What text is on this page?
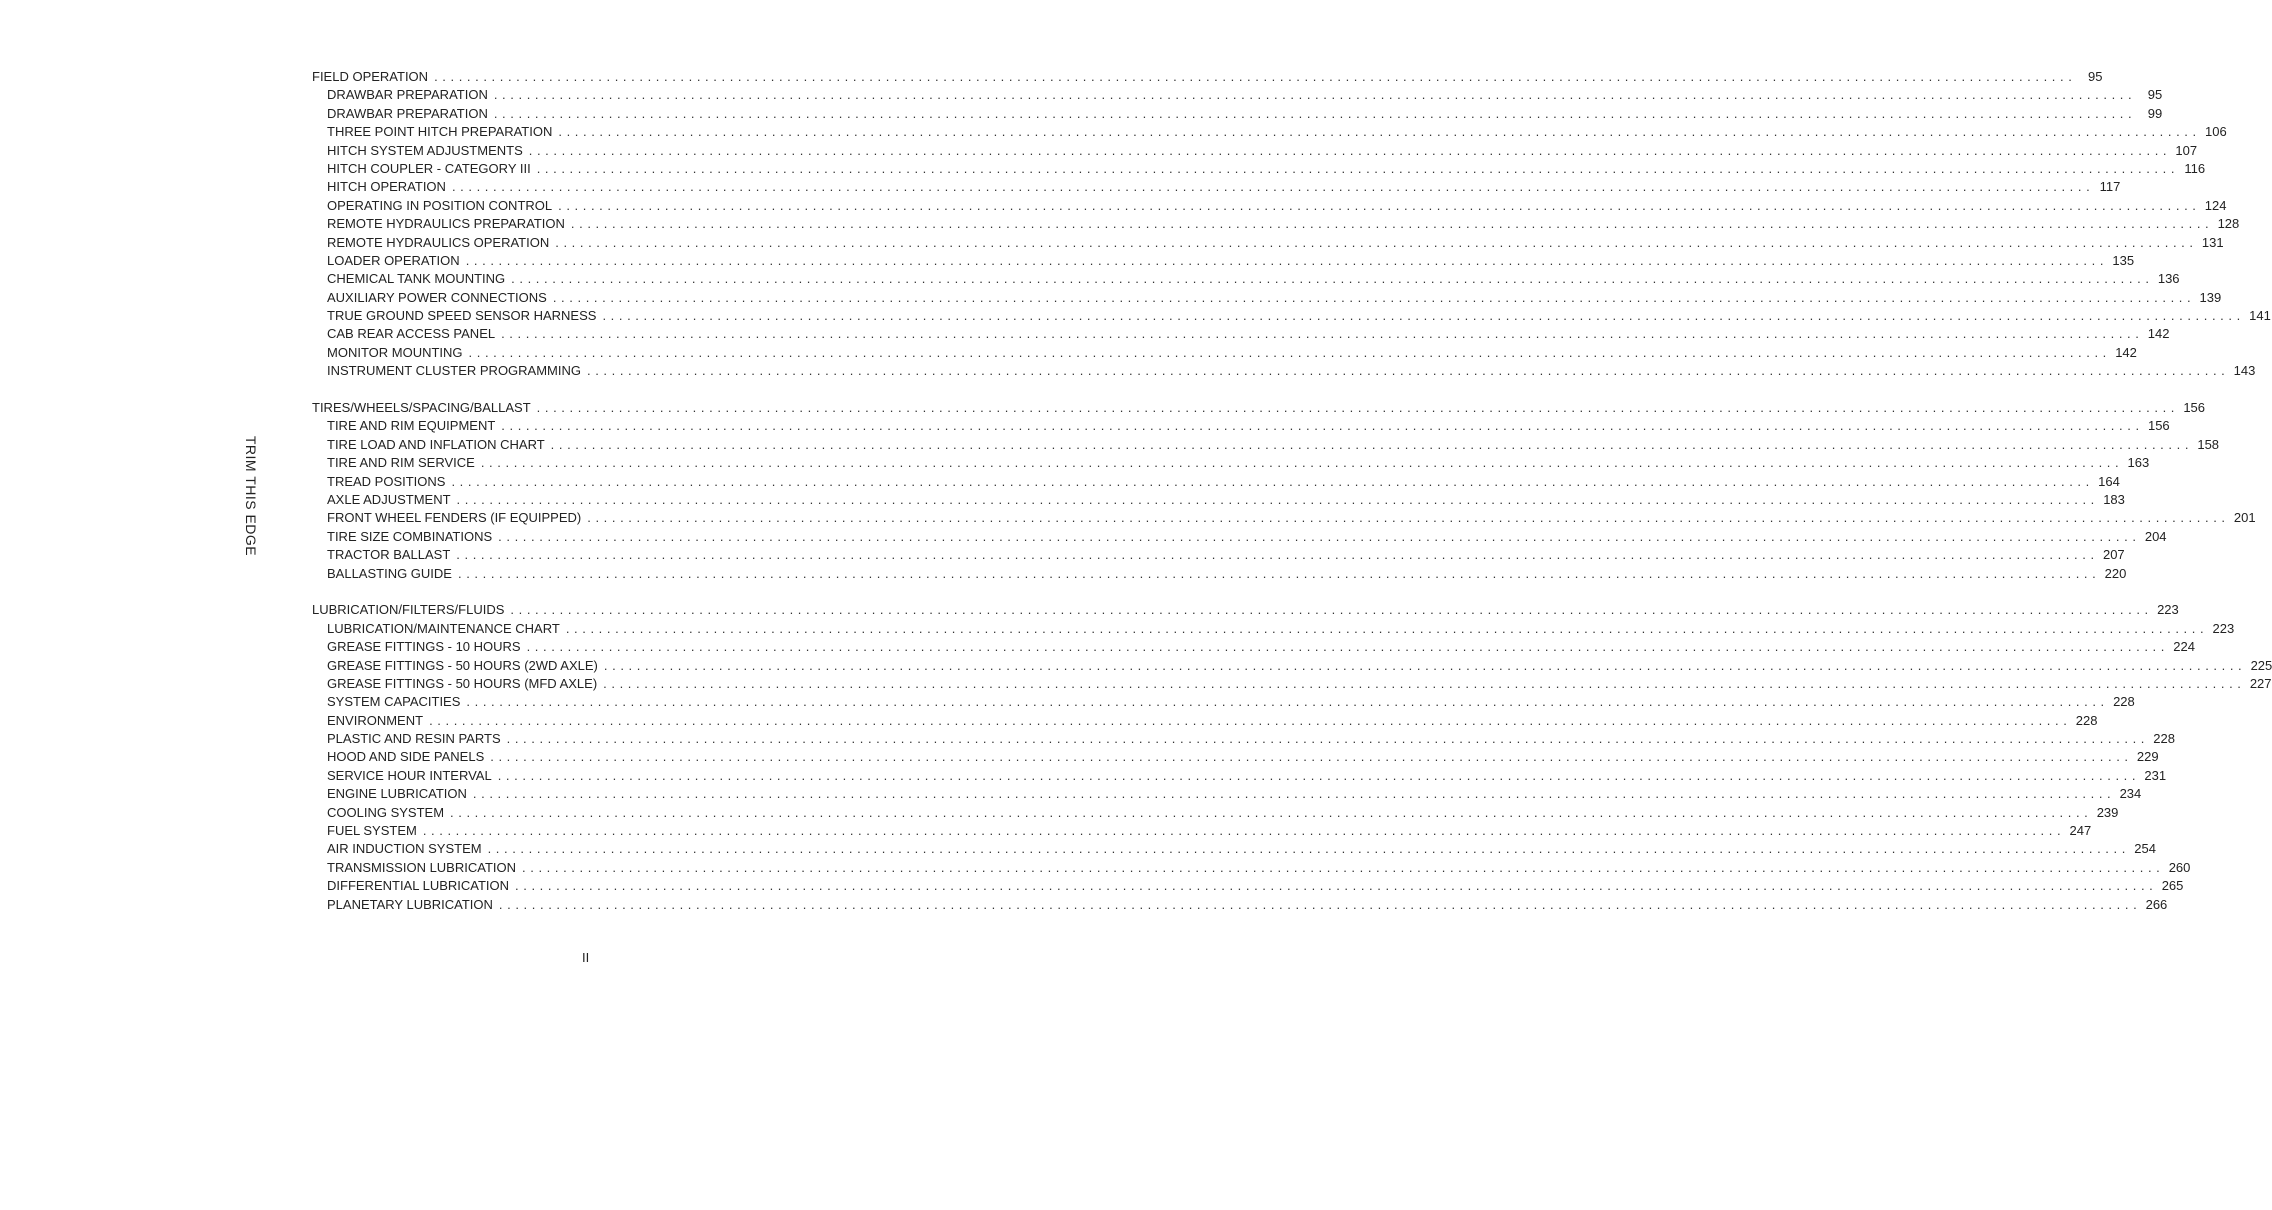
TRIM THIS EDGE
FIELD OPERATION ........................................................................................................................................................................................................ 95
DRAWBAR PREPARATION ........................................................................................................................................................................................................ 95
DRAWBAR PREPARATION ........................................................................................................................................................................................................ 99
THREE POINT HITCH PREPARATION ........................................................................................................................................................................................................ 106
HITCH SYSTEM ADJUSTMENTS ........................................................................................................................................................................................................ 107
HITCH COUPLER - CATEGORY III ........................................................................................................................................................................................................ 116
HITCH OPERATION ........................................................................................................................................................................................................ 117
OPERATING IN POSITION CONTROL ........................................................................................................................................................................................................ 124
REMOTE HYDRAULICS PREPARATION ........................................................................................................................................................................................................ 128
REMOTE HYDRAULICS OPERATION ........................................................................................................................................................................................................ 131
LOADER OPERATION ........................................................................................................................................................................................................ 135
CHEMICAL TANK MOUNTING ........................................................................................................................................................................................................ 136
AUXILIARY POWER CONNECTIONS ........................................................................................................................................................................................................ 139
TRUE GROUND SPEED SENSOR HARNESS ........................................................................................................................................................................................................ 141
CAB REAR ACCESS PANEL ........................................................................................................................................................................................................ 142
MONITOR MOUNTING ........................................................................................................................................................................................................ 142
INSTRUMENT CLUSTER PROGRAMMING ........................................................................................................................................................................................................ 143
TIRES/WHEELS/SPACING/BALLAST ........................................................................................................................................................................................................ 156
TIRE AND RIM EQUIPMENT ........................................................................................................................................................................................................ 156
TIRE LOAD AND INFLATION CHART ........................................................................................................................................................................................................ 158
TIRE AND RIM SERVICE ........................................................................................................................................................................................................ 163
TREAD POSITIONS ........................................................................................................................................................................................................ 164
AXLE ADJUSTMENT ........................................................................................................................................................................................................ 183
FRONT WHEEL FENDERS (IF EQUIPPED) ........................................................................................................................................................................................................ 201
TIRE SIZE COMBINATIONS ........................................................................................................................................................................................................ 204
TRACTOR BALLAST ........................................................................................................................................................................................................ 207
BALLASTING GUIDE ........................................................................................................................................................................................................ 220
LUBRICATION/FILTERS/FLUIDS ........................................................................................................................................................................................................ 223
LUBRICATION/MAINTENANCE CHART ........................................................................................................................................................................................................ 223
GREASE FITTINGS - 10 HOURS ........................................................................................................................................................................................................ 224
GREASE FITTINGS - 50 HOURS (2WD AXLE) ........................................................................................................................................................................................................ 225
GREASE FITTINGS - 50 HOURS (MFD AXLE) ........................................................................................................................................................................................................ 227
SYSTEM CAPACITIES ........................................................................................................................................................................................................ 228
ENVIRONMENT ........................................................................................................................................................................................................ 228
PLASTIC AND RESIN PARTS ........................................................................................................................................................................................................ 228
HOOD AND SIDE PANELS ........................................................................................................................................................................................................ 229
SERVICE HOUR INTERVAL ........................................................................................................................................................................................................ 231
ENGINE LUBRICATION ........................................................................................................................................................................................................ 234
COOLING SYSTEM ........................................................................................................................................................................................................ 239
FUEL SYSTEM ........................................................................................................................................................................................................ 247
AIR INDUCTION SYSTEM ........................................................................................................................................................................................................ 254
TRANSMISSION LUBRICATION ........................................................................................................................................................................................................ 260
DIFFERENTIAL LUBRICATION ........................................................................................................................................................................................................ 265
PLANETARY LUBRICATION ........................................................................................................................................................................................................ 266
II
